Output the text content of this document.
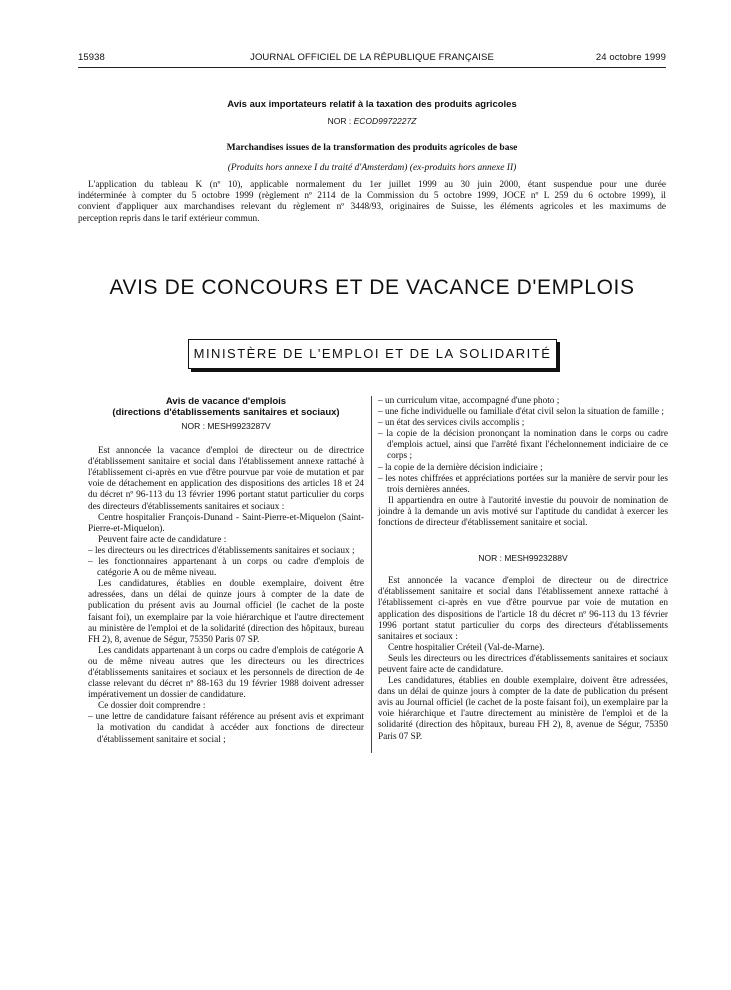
15938	JOURNAL OFFICIEL DE LA RÉPUBLIQUE FRANÇAISE	24 octobre 1999
Avis aux importateurs relatif à la taxation des produits agricoles
NOR : ECOD9972227Z
Marchandises issues de la transformation des produits agricoles de base
(Produits hors annexe I du traité d'Amsterdam) (ex-produits hors annexe II)
L'application du tableau K (nº 10), applicable normalement du 1er juillet 1999 au 30 juin 2000, étant suspendue pour une durée
indéterminée à compter du 5 octobre 1999 (règlement nº 2114 de la Commission du 5 octobre 1999, JOCE nº L 259 du 6 octobre 1999), il
convient d'appliquer aux marchandises relevant du règlement nº 3448/93, originaires de Suisse, les éléments agricoles et les maximums de
perception repris dans le tarif extérieur commun.
AVIS DE CONCOURS ET DE VACANCE D'EMPLOIS
MINISTÈRE DE L'EMPLOI ET DE LA SOLIDARITÉ
Avis de vacance d'emplois
(directions d'établissements sanitaires et sociaux)

NOR : MESH9923287V

Est annoncée la vacance d'emploi de directeur ou de directrice d'établissement sanitaire et social dans l'établissement annexe rattaché à l'établissement ci-après en vue d'être pourvue par voie de mutation et par voie de détachement en application des dispositions des articles 18 et 24 du décret nº 96-113 du 13 février 1996 portant statut particulier du corps des directeurs d'établissements sanitaires et sociaux :

Centre hospitalier François-Dunand - Saint-Pierre-et-Miquelon (Saint-Pierre-et-Miquelon).

Peuvent faire acte de candidature :

– les directeurs ou les directrices d'établissements sanitaires et sociaux ;

– les fonctionnaires appartenant à un corps ou cadre d'emplois de catégorie A ou de même niveau.

Les candidatures, établies en double exemplaire, doivent être adressées, dans un délai de quinze jours à compter de la date de publication du présent avis au Journal officiel (le cachet de la poste faisant foi), un exemplaire par la voie hiérarchique et l'autre directement au ministère de l'emploi et de la solidarité (direction des hôpitaux, bureau FH 2), 8, avenue de Ségur, 75350 Paris 07 SP.

Les candidats appartenant à un corps ou cadre d'emplois de catégorie A ou de même niveau autres que les directeurs ou les directrices d'établissements sanitaires et sociaux et les personnels de direction de 4e classe relevant du décret nº 88-163 du 19 février 1988 doivent adresser impérativement un dossier de candidature.

Ce dossier doit comprendre :

– une lettre de candidature faisant référence au présent avis et exprimant la motivation du candidat à accéder aux fonctions de directeur d'établissement sanitaire et social ;

– un curriculum vitae, accompagné d'une photo ;

– une fiche individuelle ou familiale d'état civil selon la situation de famille ;

– un état des services civils accomplis ;

– la copie de la décision prononçant la nomination dans le corps ou cadre d'emplois actuel, ainsi que l'arrêté fixant l'échelonnement indiciaire de ce corps ;

– la copie de la dernière décision indiciaire ;

– les notes chiffrées et appréciations portées sur la manière de servir pour les trois dernières années.

Il appartiendra en outre à l'autorité investie du pouvoir de nomination de joindre à la demande un avis motivé sur l'aptitude du candidat à exercer les fonctions de directeur d'établissement sanitaire et social.

NOR : MESH9923288V

Est annoncée la vacance d'emploi de directeur ou de directrice d'établissement sanitaire et social dans l'établissement annexe rattaché à l'établissement ci-après en vue d'être pourvue par voie de mutation en application des dispositions de l'article 18 du décret nº 96-113 du 13 février 1996 portant statut particulier du corps des directeurs d'établissements sanitaires et sociaux :

Centre hospitalier Créteil (Val-de-Marne).

Seuls les directeurs ou les directrices d'établissements sanitaires et sociaux peuvent faire acte de candidature.

Les candidatures, établies en double exemplaire, doivent être adressées, dans un délai de quinze jours à compter de la date de publication du présent avis au Journal officiel (le cachet de la poste faisant foi), un exemplaire par la voie hiérarchique et l'autre directement au ministère de l'emploi et de la solidarité (direction des hôpitaux, bureau FH 2), 8, avenue de Ségur, 75350 Paris 07 SP.
